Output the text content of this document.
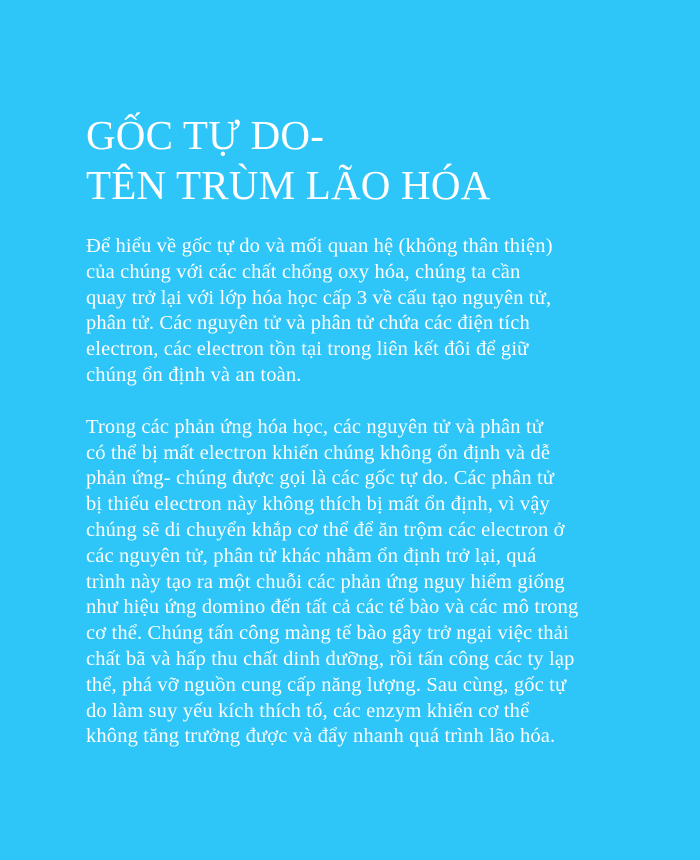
GỐC TỰ DO-
TÊN TRÙM LÃO HÓA

Để hiểu về gốc tự do và mối quan hệ (không thân thiện)
của chúng với các chất chống oxy hóa, chúng ta cần
quay trở lại với lớp hóa học cấp 3 về cấu tạo nguyên tử,
phân tử. Các nguyên tử và phân tử chứa các điện tích
electron, các electron tồn tại trong liên kết đôi để giữ
chúng ổn định và an toàn.

Trong các phản ứng hóa học, các nguyên tử và phân tử
có thể bị mất electron khiến chúng không ổn định và dễ
phản ứng- chúng được gọi là các gốc tự do. Các phân tử
bị thiếu electron này không thích bị mất ổn định, vì vậy
chúng sẽ di chuyển khắp cơ thể để ăn trộm các electron ở
các nguyên tử, phân tử khác nhằm ổn định trở lại, quá
trình này tạo ra một chuỗi các phản ứng nguy hiểm giống
như hiệu ứng domino đến tất cả các tế bào và các mô trong
cơ thể. Chúng tấn công màng tế bào gây trở ngại việc thải
chất bã và hấp thu chất dinh dưỡng, rồi tấn công các ty lạp
thể, phá vỡ nguồn cung cấp năng lượng. Sau cùng, gốc tự
do làm suy yếu kích thích tố, các enzym khiến cơ thể
không tăng trưởng được và đẩy nhanh quá trình lão hóa.
